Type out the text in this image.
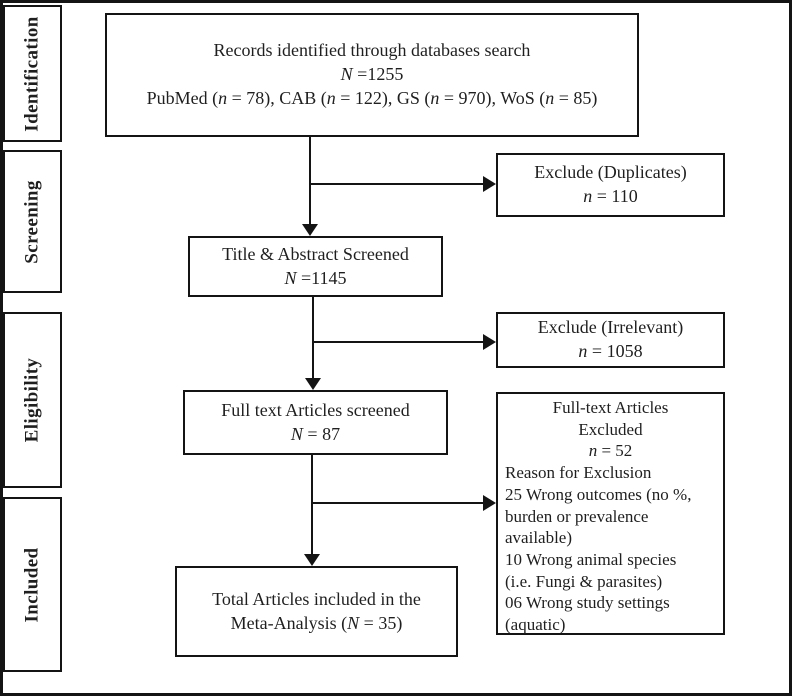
Identification
Screening
Eligibility
Included
Records identified through databases search
N =1255
PubMed (n = 78), CAB (n = 122), GS (n = 970), WoS (n = 85)
Exclude (Duplicates)
n = 110
Title & Abstract Screened
N =1145
Exclude (Irrelevant)
n = 1058
Full text Articles screened
N = 87
Full-text Articles
Excluded
n = 52
Reason for Exclusion
25 Wrong outcomes (no %,
burden or prevalence
available)
10 Wrong animal species
(i.e. Fungi & parasites)
06 Wrong study settings
(aquatic)
Total Articles included in the
Meta-Analysis (N = 35)
